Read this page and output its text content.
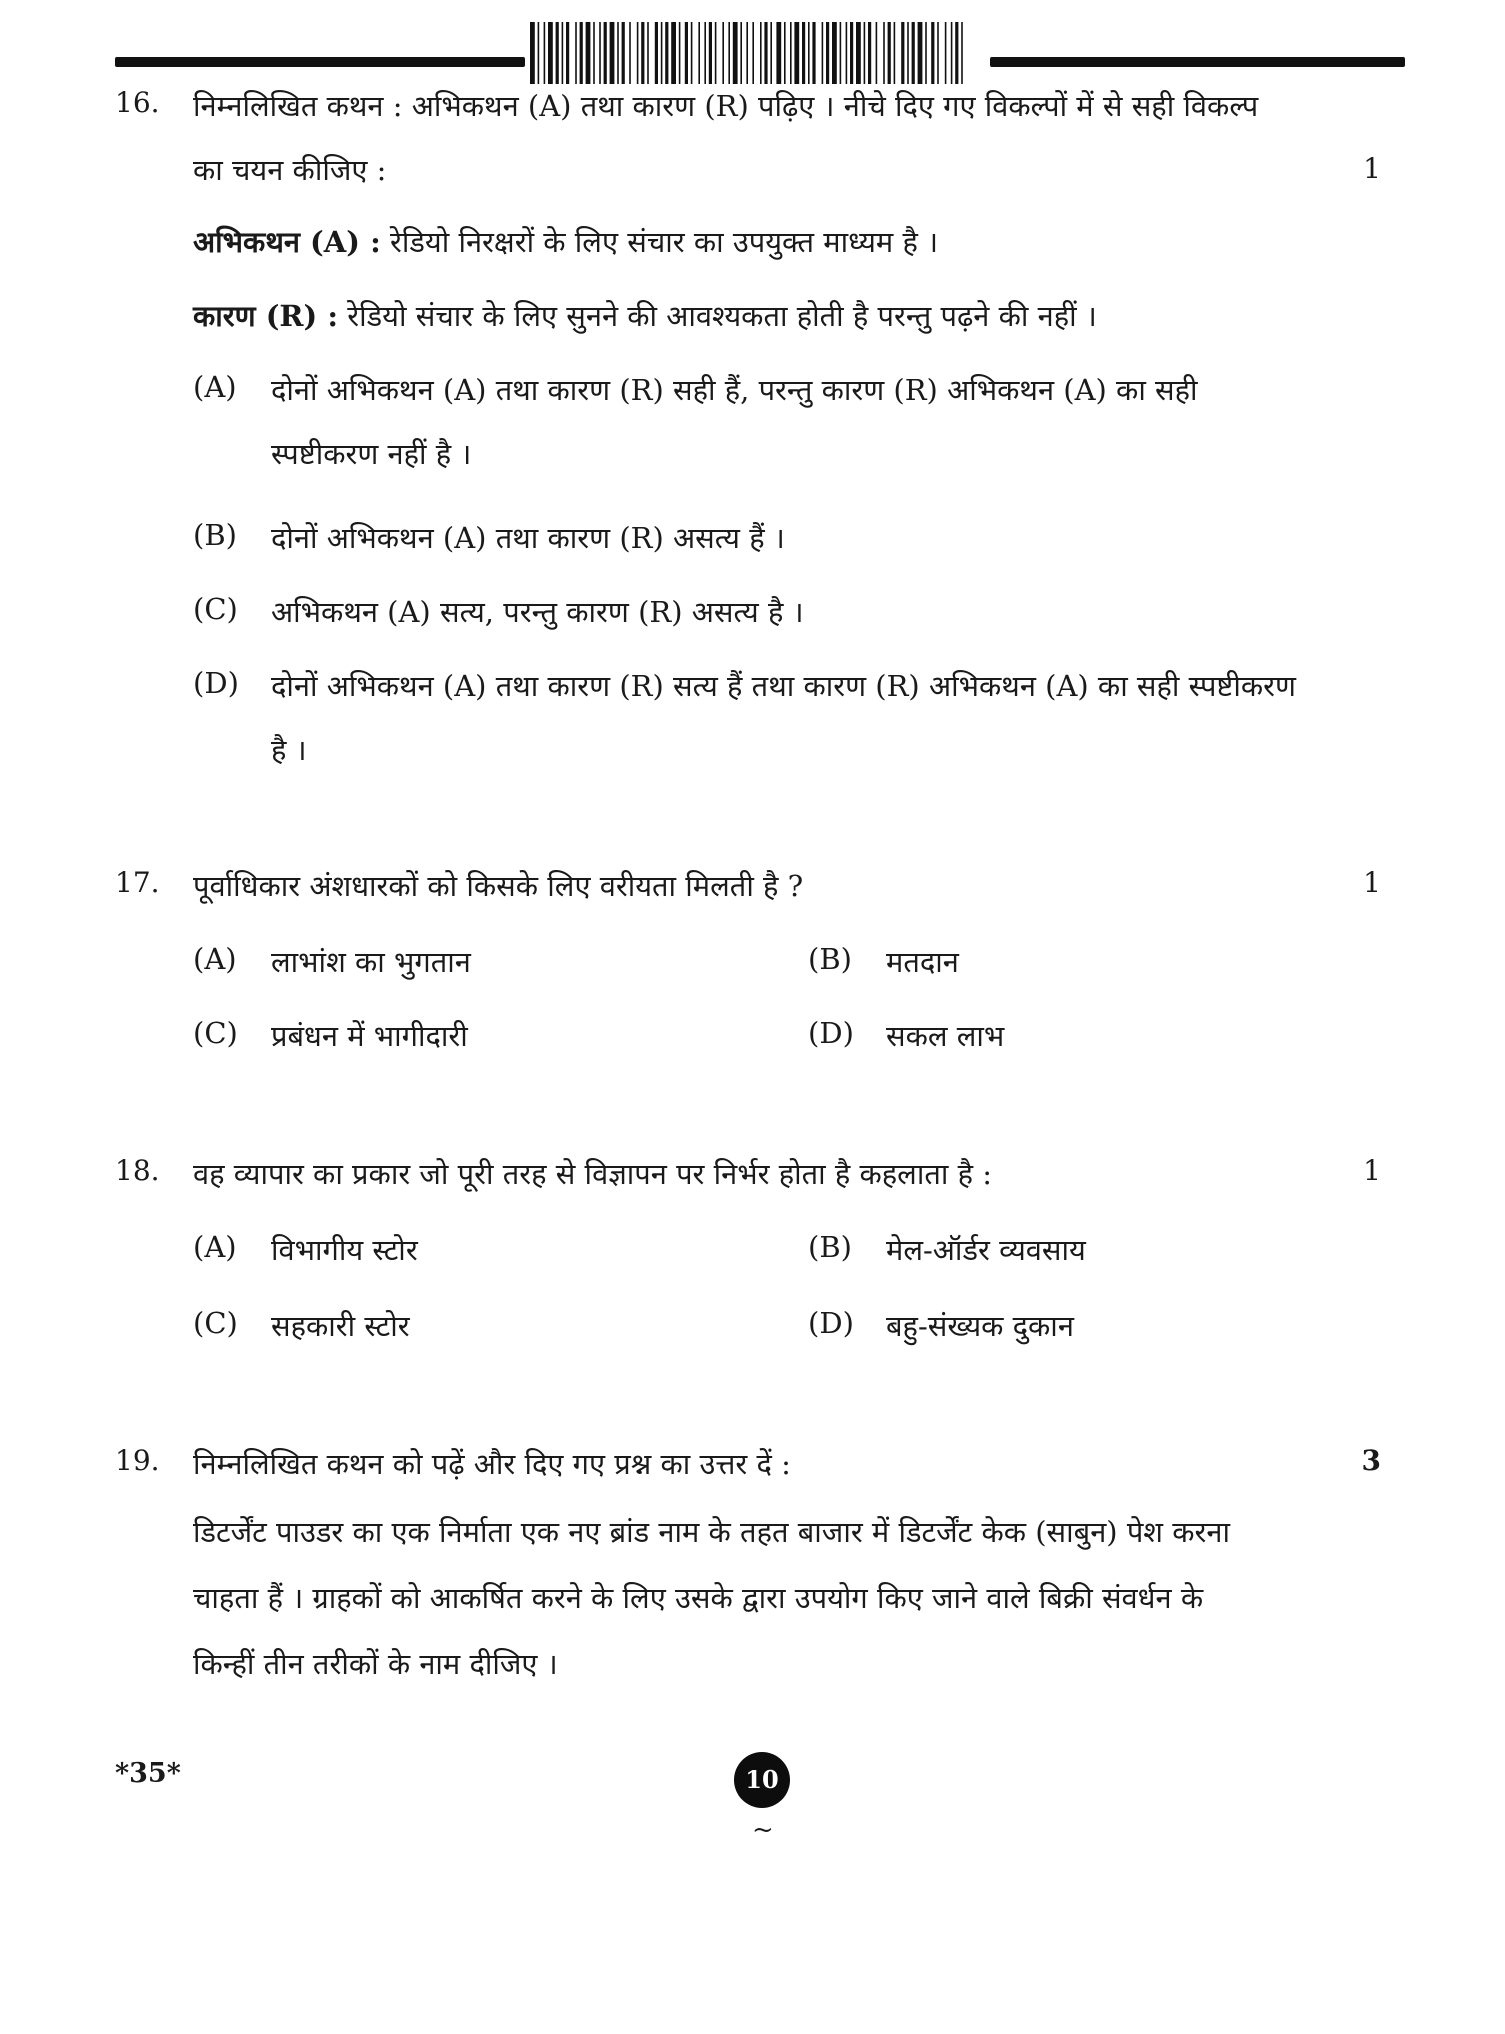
16. निम्नलिखित कथन : अभिकथन (A) तथा कारण (R) पढ़िए । नीचे दिए गए विकल्पों में से सही विकल्प
का चयन कीजिए :	1
अभिकथन (A) : रेडियो निरक्षरों के लिए संचार का उपयुक्त माध्यम है ।
कारण (R) : रेडियो संचार के लिए सुनने की आवश्यकता होती है परन्तु पढ़ने की नहीं ।
(A) दोनों अभिकथन (A) तथा कारण (R) सही हैं, परन्तु कारण (R) अभिकथन (A) का सही
स्पष्टीकरण नहीं है ।
(B) दोनों अभिकथन (A) तथा कारण (R) असत्य हैं ।
(C) अभिकथन (A) सत्य, परन्तु कारण (R) असत्य है ।
(D) दोनों अभिकथन (A) तथा कारण (R) सत्य हैं तथा कारण (R) अभिकथन (A) का सही स्पष्टीकरण
है ।
17. पूर्वाधिकार अंशधारकों को किसके लिए वरीयता मिलती है ?	1
(A) लाभांश का भुगतान	(B) मतदान
(C) प्रबंधन में भागीदारी	(D) सकल लाभ
18. वह व्यापार का प्रकार जो पूरी तरह से विज्ञापन पर निर्भर होता है कहलाता है :	1
(A) विभागीय स्टोर	(B) मेल-ऑर्डर व्यवसाय
(C) सहकारी स्टोर	(D) बहु-संख्यक दुकान
19. निम्नलिखित कथन को पढ़ें और दिए गए प्रश्न का उत्तर दें :	3
डिटर्जेंट पाउडर का एक निर्माता एक नए ब्रांड नाम के तहत बाजार में डिटर्जेंट केक (साबुन) पेश करना
चाहता हैं । ग्राहकों को आकर्षित करने के लिए उसके द्वारा उपयोग किए जाने वाले बिक्री संवर्धन के
किन्हीं तीन तरीकों के नाम दीजिए ।
*35*	10
~
